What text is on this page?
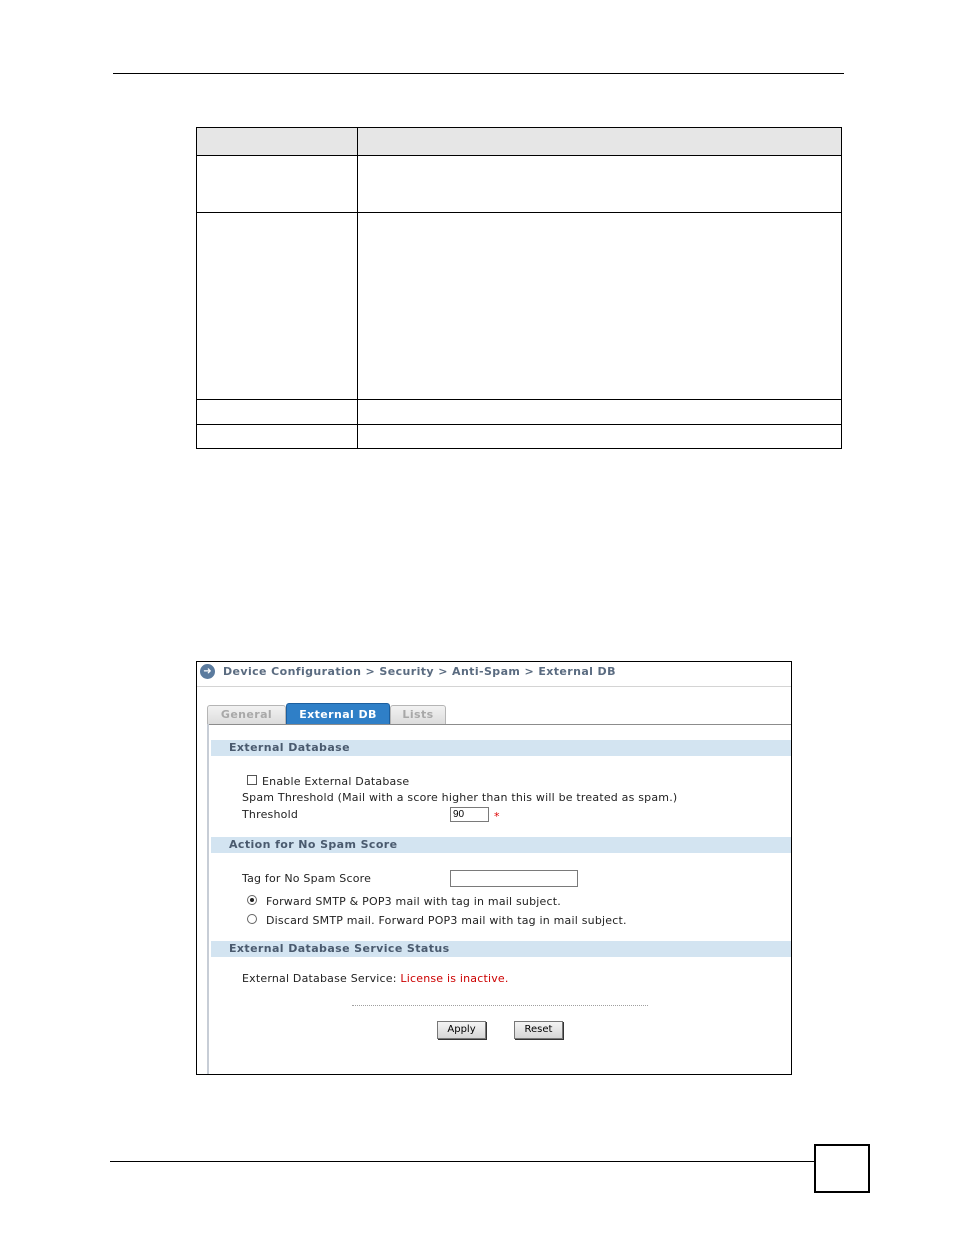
➜	Device Configuration > Security > Anti-Spam > External DB
General	Lists
External DB
External Database
Enable External Database
Spam Threshold (Mail with a score higher than this will be treated as spam.)
Threshold
90	*
Action for No Spam Score
Tag for No Spam Score
Forward SMTP & POP3 mail with tag in mail subject.
Discard SMTP mail. Forward POP3 mail with tag in mail subject.
External Database Service Status
External Database Service: License is inactive.
Apply	Reset
